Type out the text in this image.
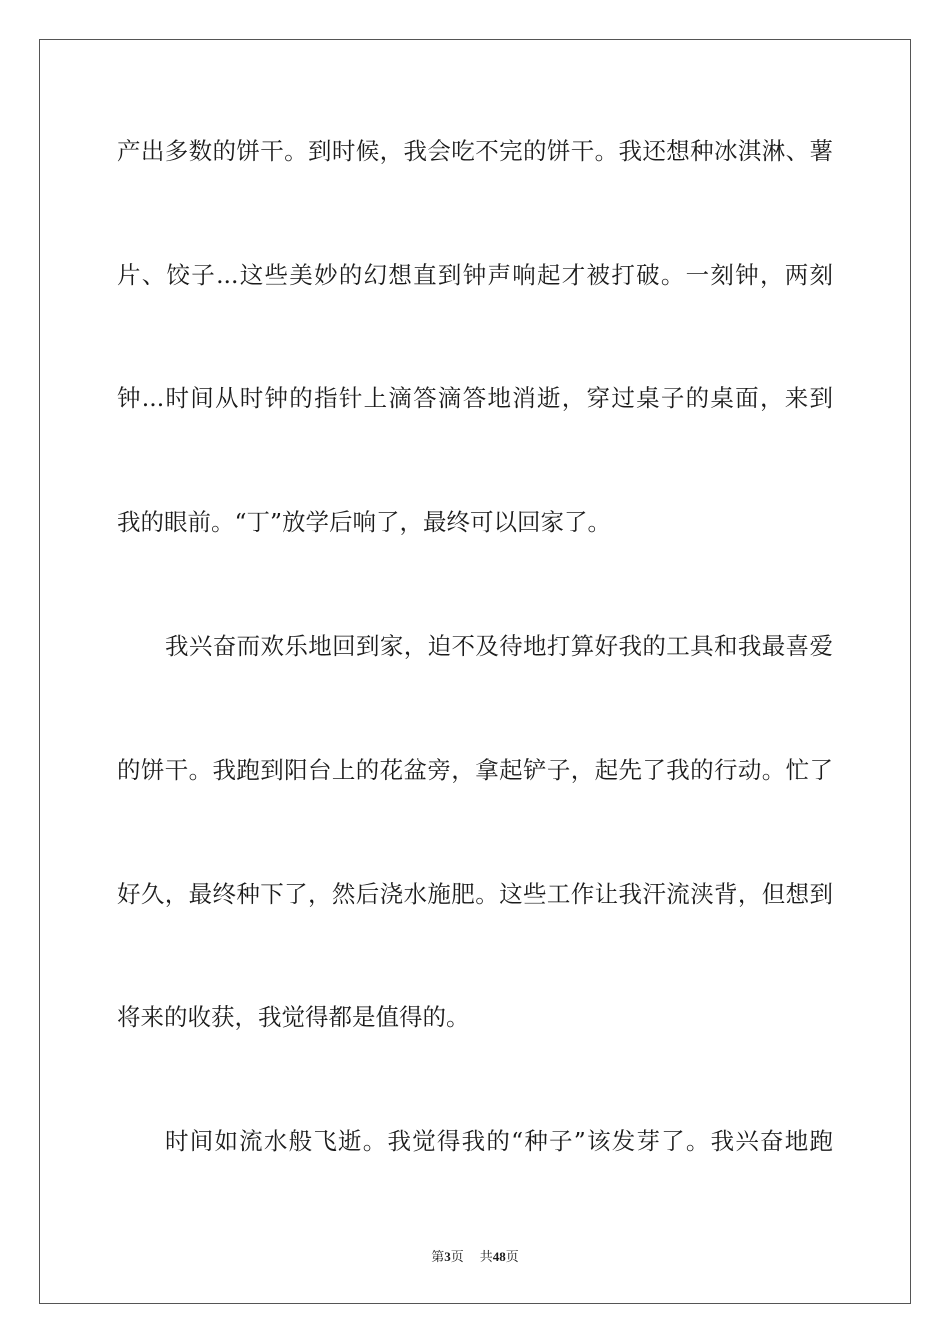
产出多数的饼干。到时候，我会吃不完的饼干。我还想种冰淇淋、薯
片、饺子...这些美妙的幻想直到钟声响起才被打破。一刻钟，两刻
钟...时间从时钟的指针上滴答滴答地消逝，穿过桌子的桌面，来到
我的眼前。“丁”放学后响了，最终可以回家了。
我兴奋而欢乐地回到家，迫不及待地打算好我的工具和我最喜爱
的饼干。我跑到阳台上的花盆旁，拿起铲子，起先了我的行动。忙了
好久，最终种下了，然后浇水施肥。这些工作让我汗流浃背，但想到
将来的收获，我觉得都是值得的。
时间如流水般飞逝。我觉得我的“种子”该发芽了。我兴奋地跑
第3页 共48页
